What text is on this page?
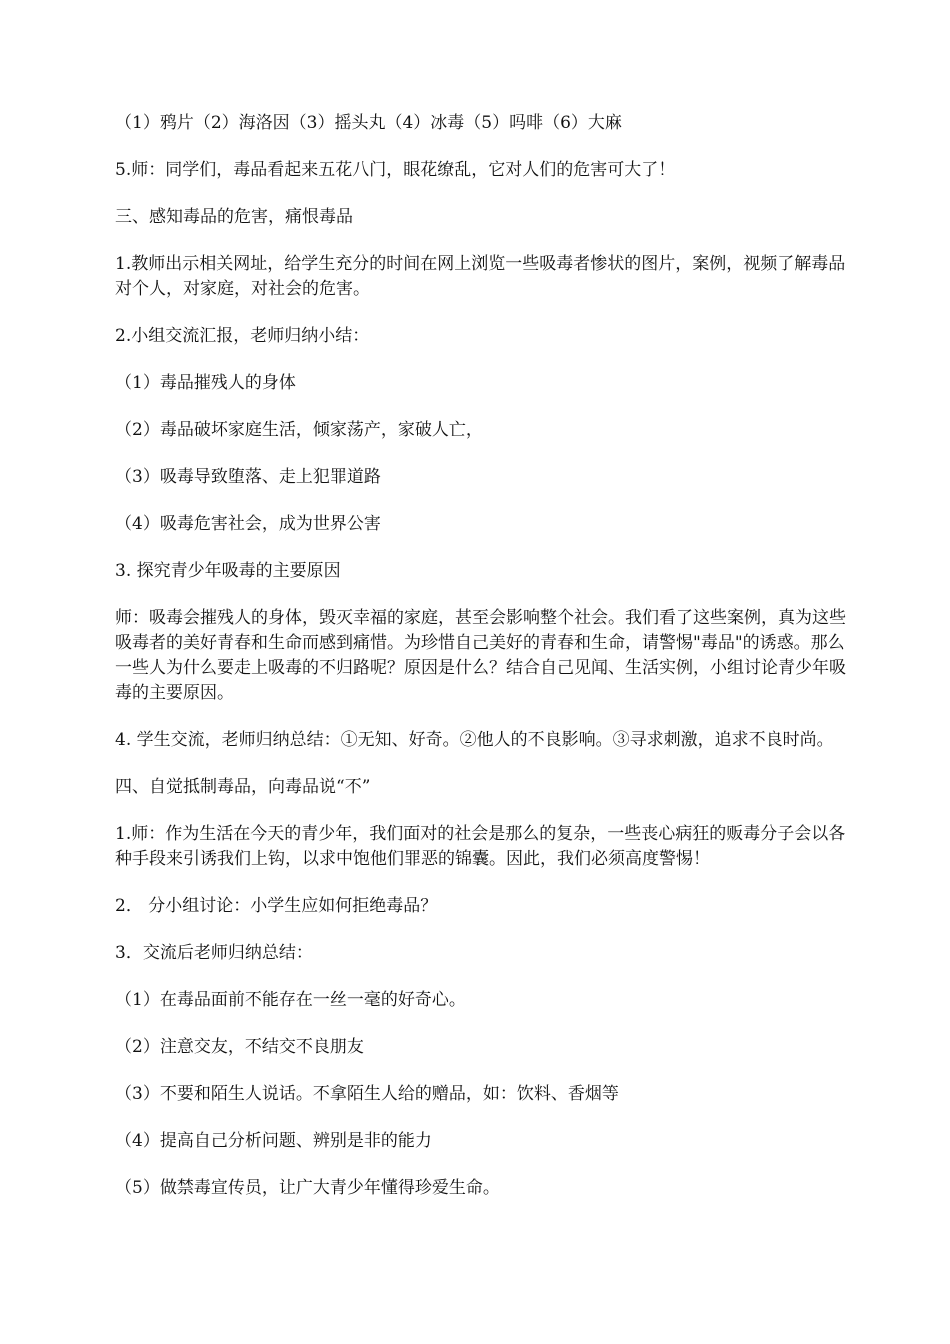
（1）鸦片（2）海洛因（3）摇头丸（4）冰毒（5）吗啡（6）大麻

5.师：同学们，毒品看起来五花八门，眼花缭乱，它对人们的危害可大了！

三、感知毒品的危害，痛恨毒品

1.教师出示相关网址，给学生充分的时间在网上浏览一些吸毒者惨状的图片，案例，视频了解毒品对个人，对家庭，对社会的危害。

2.小组交流汇报，老师归纳小结：

（1）毒品摧残人的身体

（2）毒品破坏家庭生活，倾家荡产，家破人亡，

（3）吸毒导致堕落、走上犯罪道路

（4）吸毒危害社会，成为世界公害

3. 探究青少年吸毒的主要原因

师：吸毒会摧残人的身体，毁灭幸福的家庭，甚至会影响整个社会。我们看了这些案例，真为这些吸毒者的美好青春和生命而感到痛惜。为珍惜自己美好的青春和生命，请警惕"毒品"的诱惑。那么一些人为什么要走上吸毒的不归路呢？原因是什么？结合自己见闻、生活实例，小组讨论青少年吸毒的主要原因。

4. 学生交流，老师归纳总结：①无知、好奇。②他人的不良影响。③寻求刺激，追求不良时尚。

四、自觉抵制毒品，向毒品说“不”

1.师：作为生活在今天的青少年，我们面对的社会是那么的复杂，一些丧心病狂的贩毒分子会以各种手段来引诱我们上钩，以求中饱他们罪恶的锦囊。因此，我们必须高度警惕！

2． 分小组讨论：小学生应如何拒绝毒品？

3．交流后老师归纳总结：

（1）在毒品面前不能存在一丝一毫的好奇心。

（2）注意交友，不结交不良朋友

（3）不要和陌生人说话。不拿陌生人给的赠品，如：饮料、香烟等

（4）提高自己分析问题、辨别是非的能力

（5）做禁毒宣传员，让广大青少年懂得珍爱生命。
